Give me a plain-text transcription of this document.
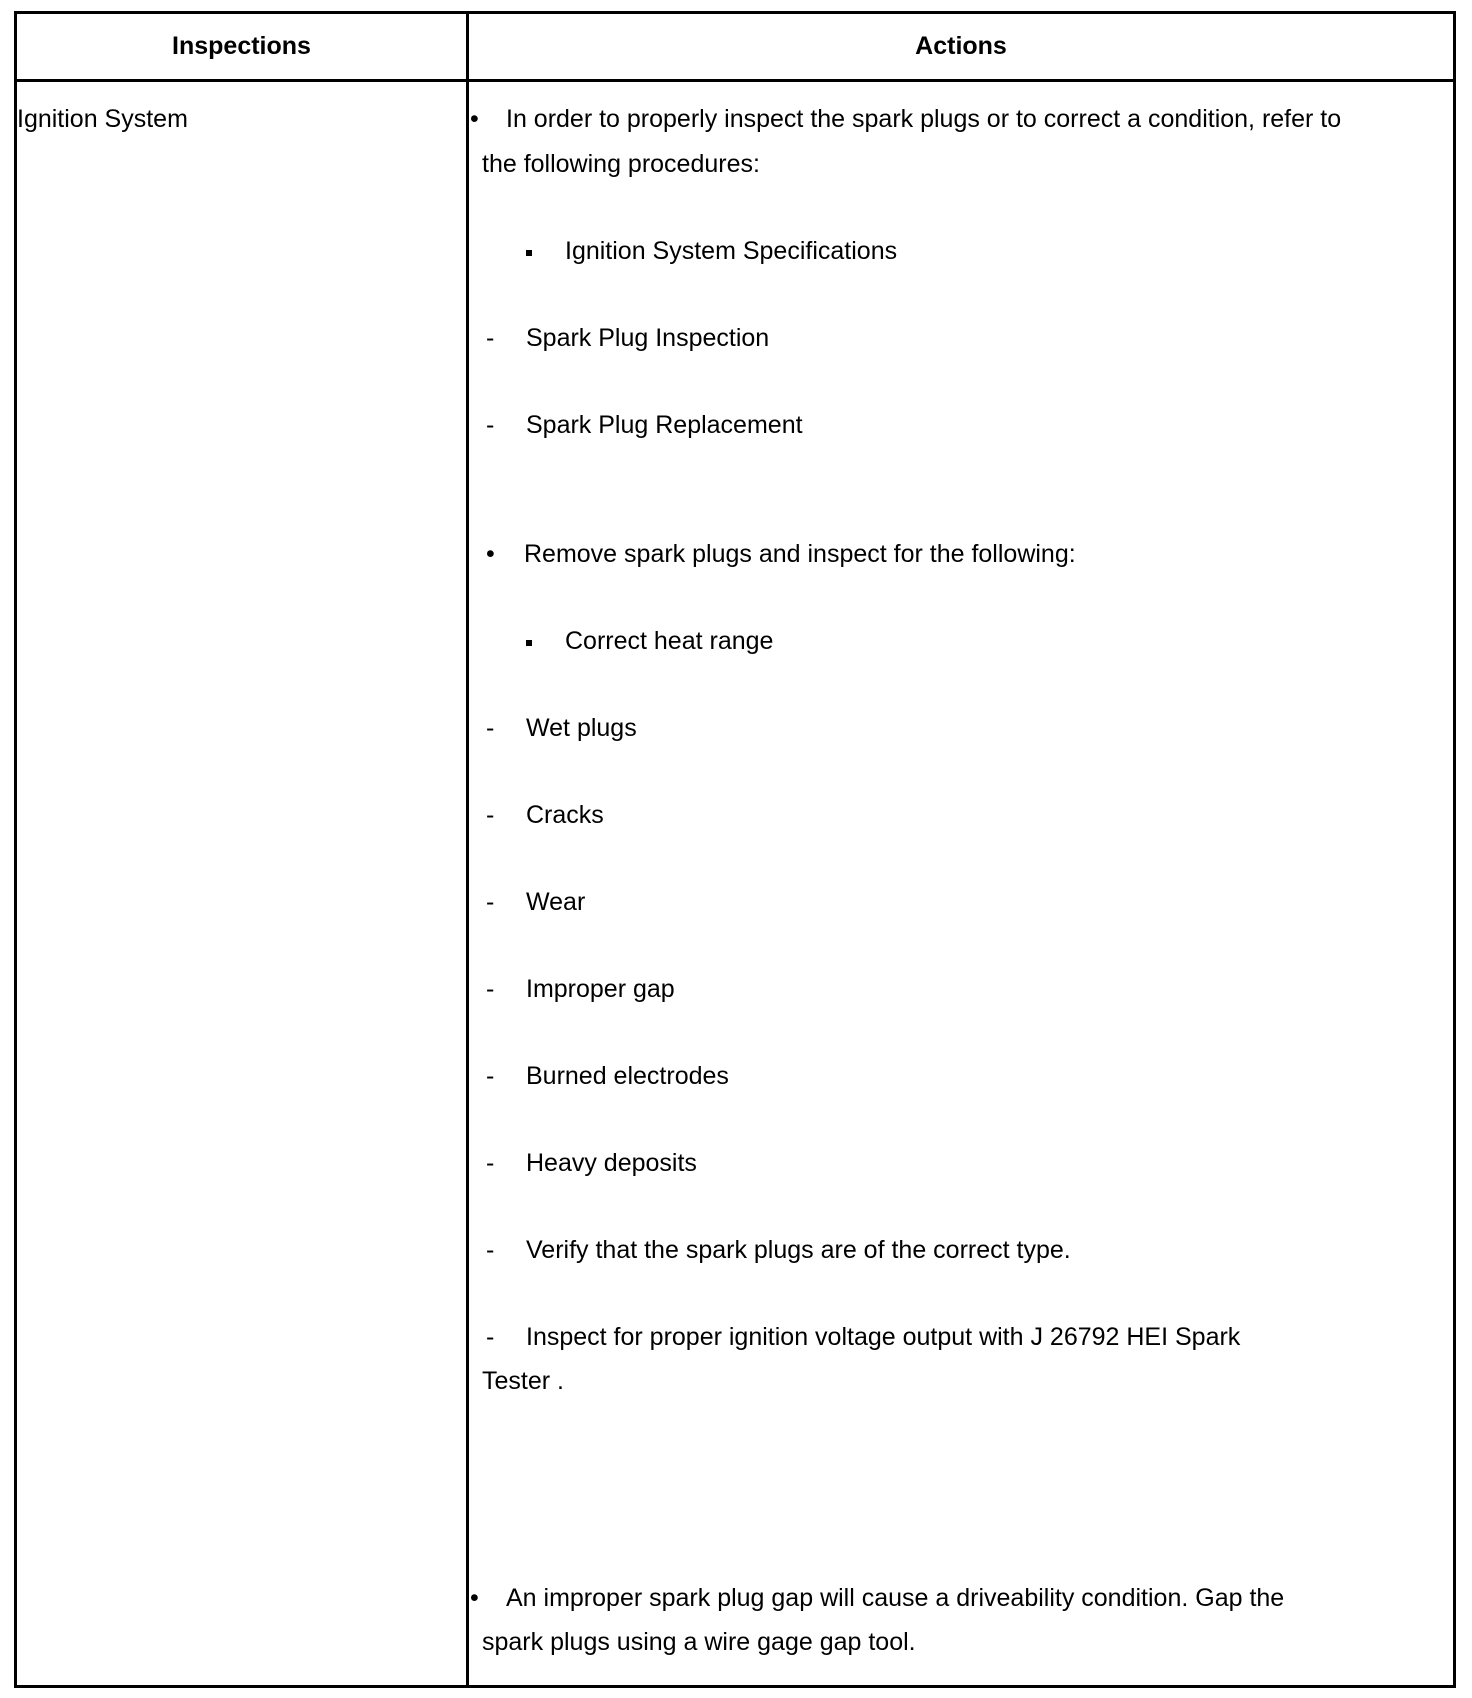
Inspections	Actions
Ignition System	• In order to properly inspect the spark plugs or to correct a condition, refer to
the following procedures:
Ignition System Specifications
- Spark Plug Inspection
- Spark Plug Replacement
• Remove spark plugs and inspect for the following:
Correct heat range
- Wet plugs
- Cracks
- Wear
- Improper gap
- Burned electrodes
- Heavy deposits
- Verify that the spark plugs are of the correct type.
- Inspect for proper ignition voltage output with J 26792 HEI Spark
Tester .
• An improper spark plug gap will cause a driveability condition. Gap the
spark plugs using a wire gage gap tool.
